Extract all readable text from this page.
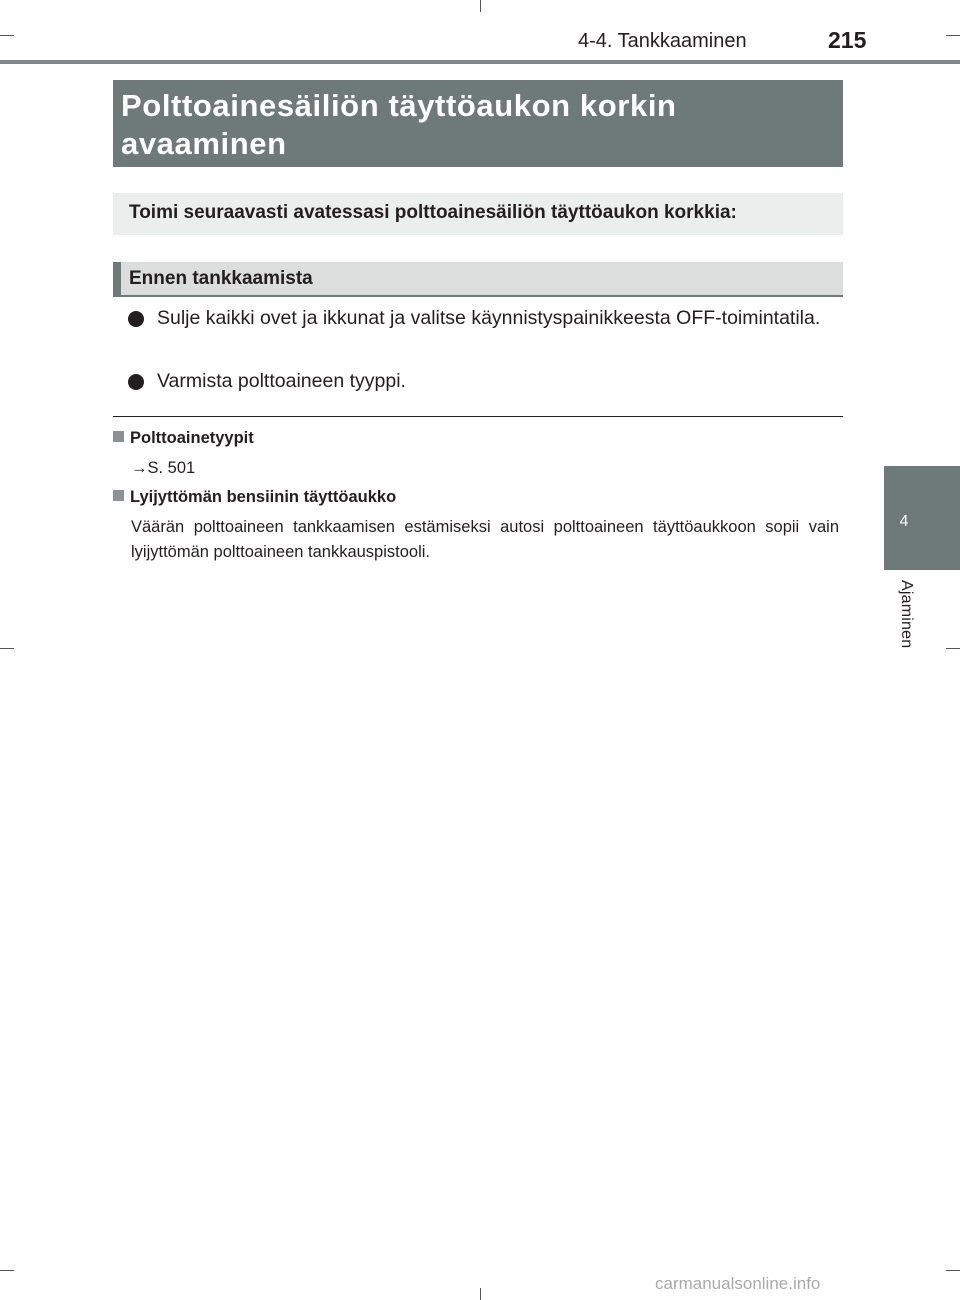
4-4. Tankkaaminen	215
4
Ajaminen
Polttoainesäiliön täyttöaukon korkin
avaaminen
Toimi seuraavasti avatessasi polttoainesäiliön täyttöaukon korkkia:
Ennen tankkaamista
Sulje kaikki ovet ja ikkunat ja valitse käynnistyspainikkeesta OFF-toimintatila.
Varmista polttoaineen tyyppi.
Polttoainetyypit
→S. 501
Lyijyttömän bensiinin täyttöaukko
Väärän polttoaineen tankkaamisen estämiseksi autosi polttoaineen täyttöaukkoon sopii vain lyijyttömän polttoaineen tankkauspistooli.
carmanualsonline.info
